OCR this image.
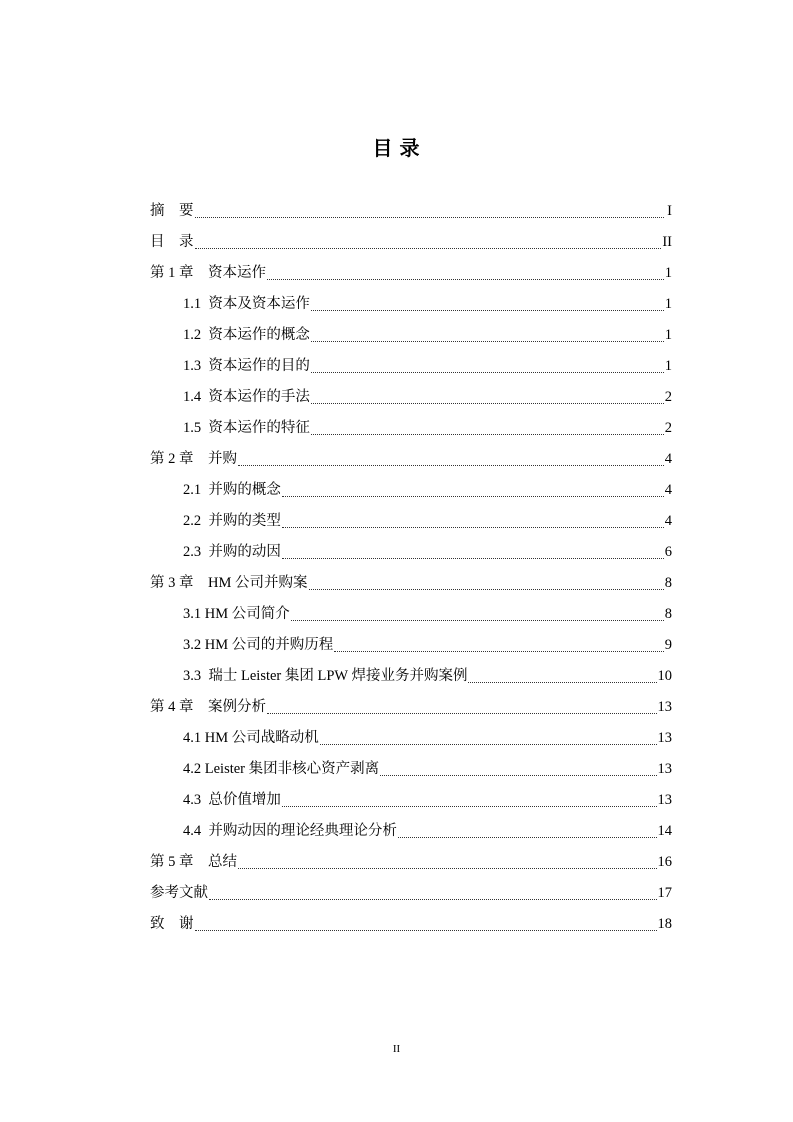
目 录
摘    要	I
目    录	II
第 1 章    资本运作	1
1.1  资本及资本运作	1
1.2  资本运作的概念	1
1.3  资本运作的目的	1
1.4  资本运作的手法	2
1.5  资本运作的特征	2
第 2 章    并购	4
2.1  并购的概念	4
2.2  并购的类型	4
2.3  并购的动因	6
第 3 章    HM 公司并购案	8
3.1 HM 公司简介	8
3.2 HM 公司的并购历程	9
3.3  瑞士 Leister 集团 LPW 焊接业务并购案例	10
第 4 章    案例分析	13
4.1 HM 公司战略动机	13
4.2 Leister 集团非核心资产剥离	13
4.3  总价值增加	13
4.4  并购动因的理论经典理论分析	14
第 5 章    总结	16
参考文献	17
致    谢	18
II
